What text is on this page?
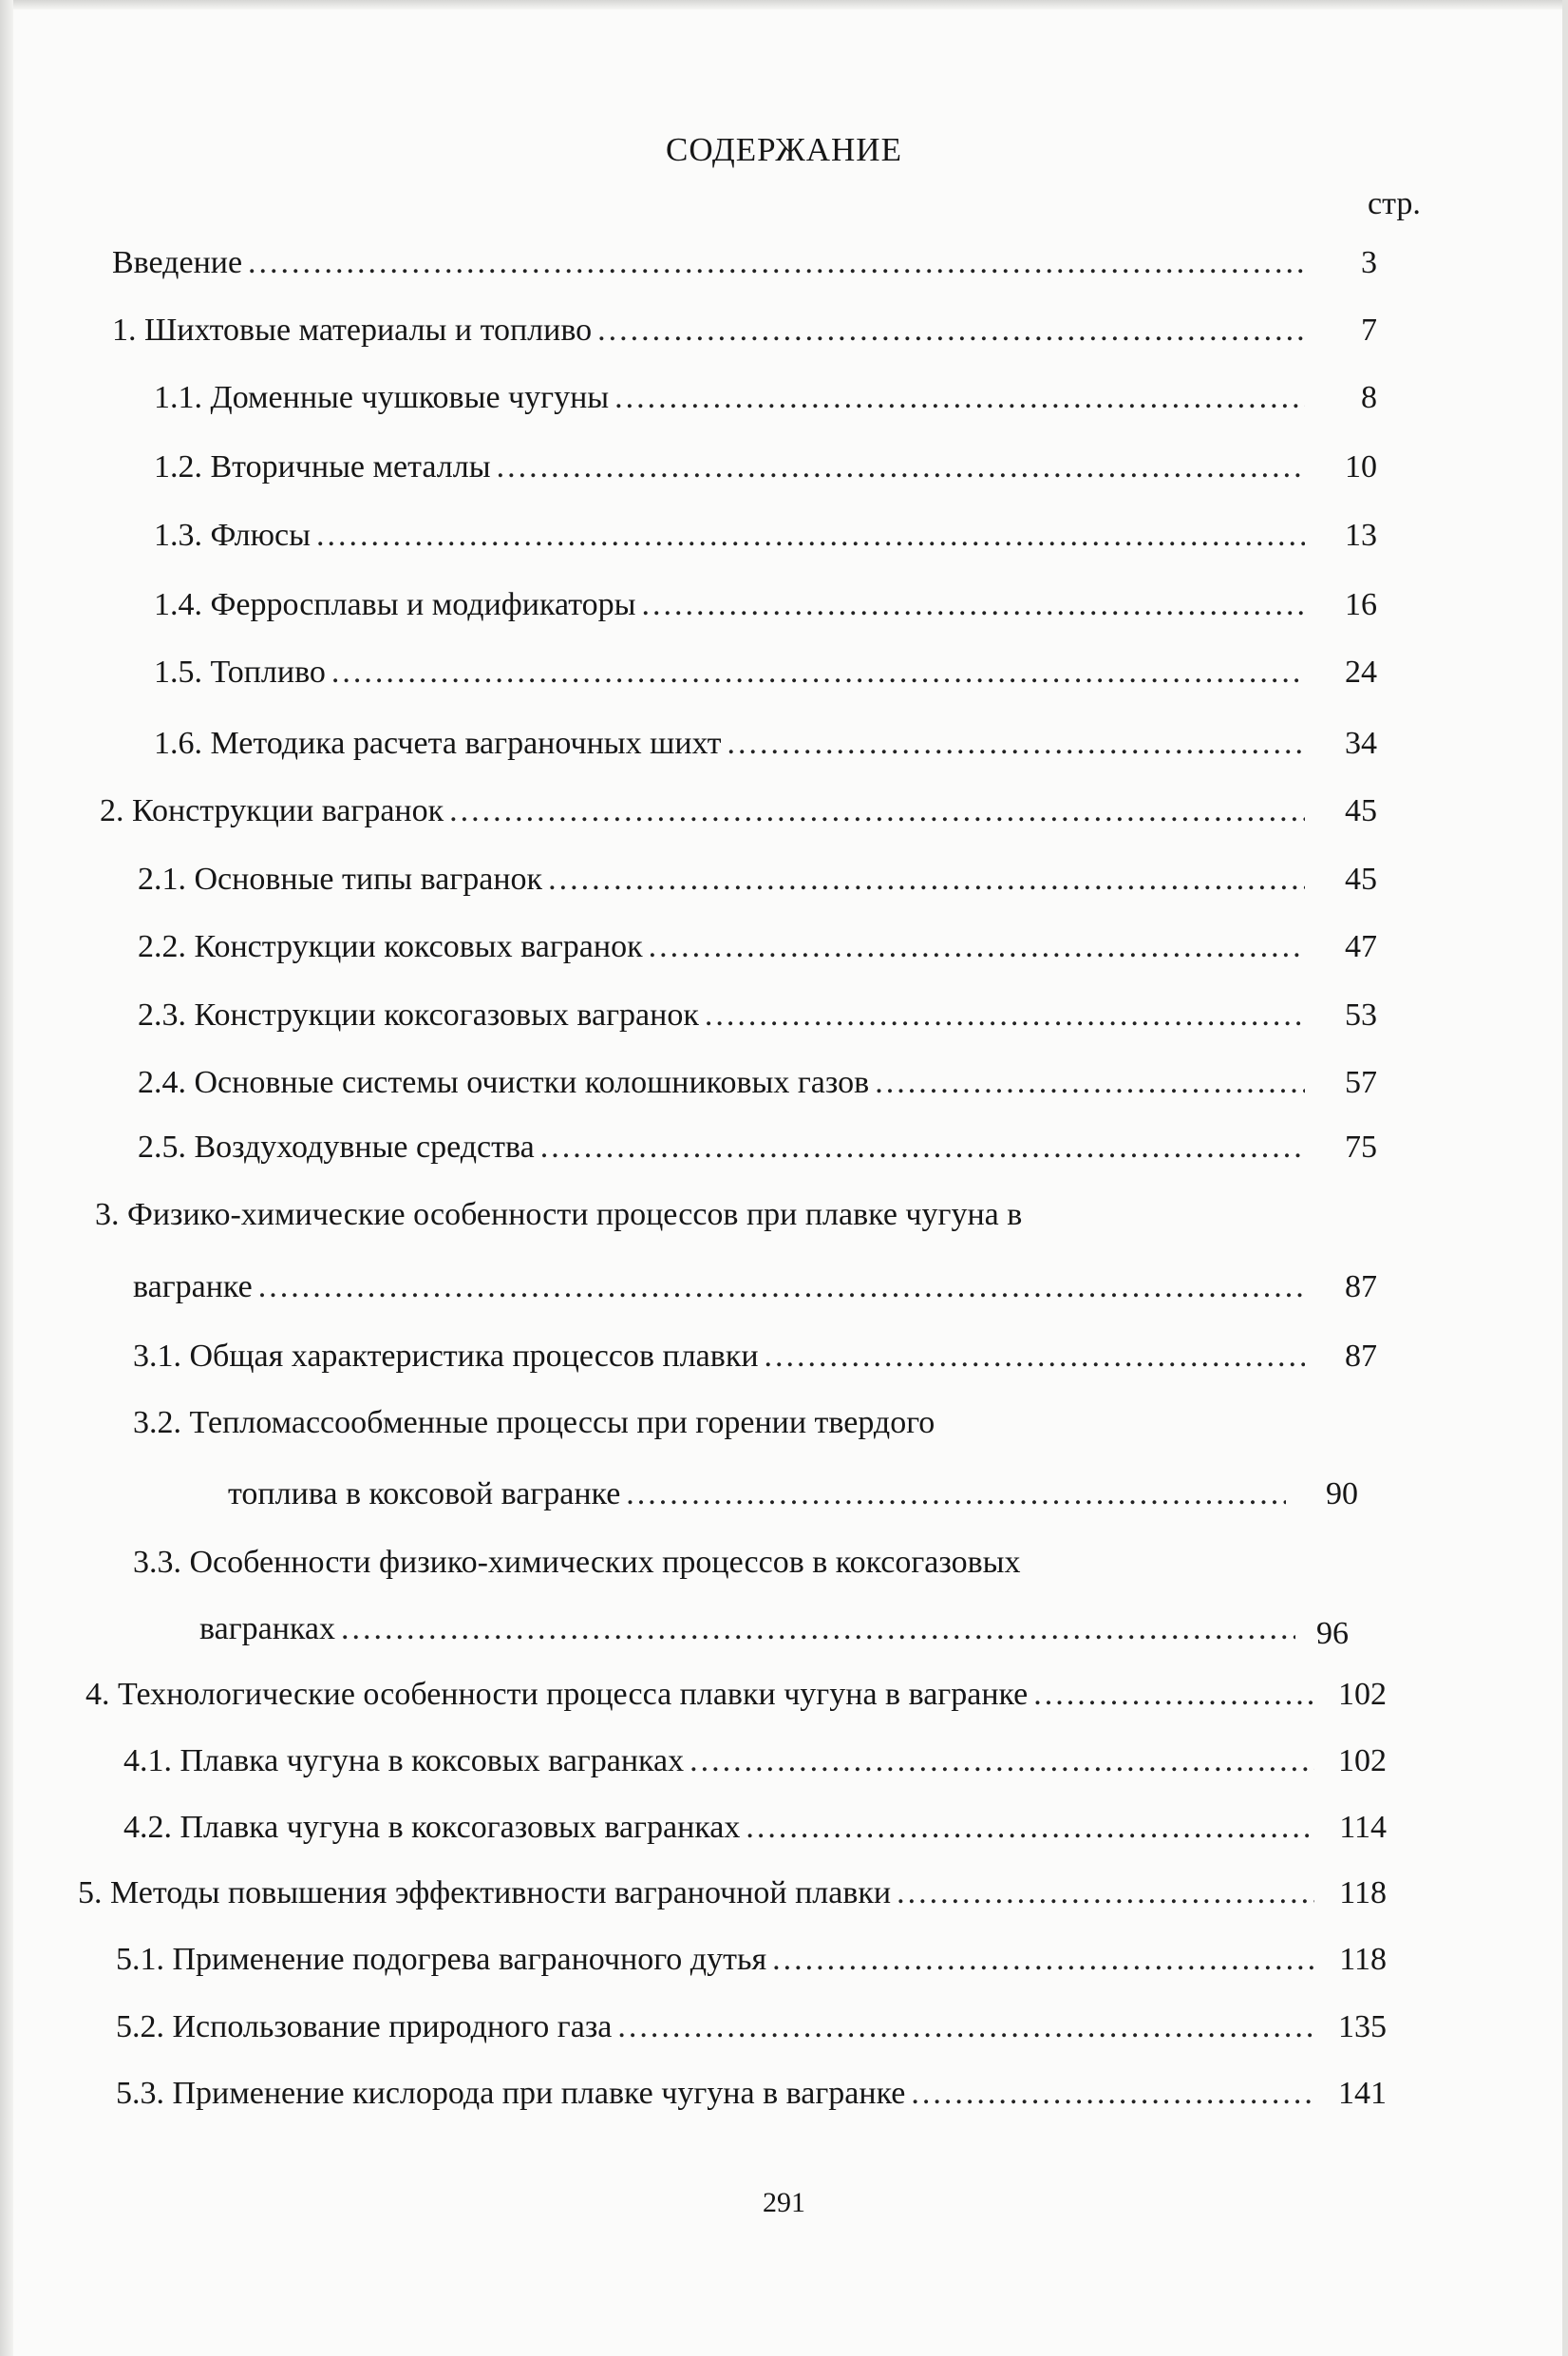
СОДЕРЖАНИЕ
стр.
Введение .....	3
1. Шихтовые материалы и топливо .....	7
1.1. Доменные чушковые чугуны .....	8
1.2. Вторичные металлы .....	10
1.3. Флюсы .....	13
1.4. Ферросплавы и модификаторы .....	16
1.5. Топливо .....	24
1.6. Методика расчета ваграночных шихт .....	34
2. Конструкции вагранок .....	45
2.1. Основные типы вагранок .....	45
2.2. Конструкции коксовых вагранок .....	47
2.3. Конструкции коксогазовых вагранок .....	53
2.4. Основные системы очистки колошниковых газов .....	57
2.5. Воздуходувные средства .....	75
3. Физико-химические особенности процессов при плавке чугуна в
вагранке .....	87
3.1. Общая характеристика процессов плавки .....	87
3.2. Тепломассообменные процессы при горении твердого
топлива в коксовой вагранке .....	90
3.3. Особенности физико-химических процессов в коксогазовых
вагранках .....	96
4. Технологические особенности процесса плавки чугуна в вагранке .....	102
4.1. Плавка чугуна в коксовых вагранках .....	102
4.2. Плавка чугуна в коксогазовых вагранках .....	114
5. Методы повышения эффективности ваграночной плавки .....	118
5.1. Применение подогрева ваграночного дутья .....	118
5.2. Использование природного газа .....	135
5.3. Применение кислорода при плавке чугуна в вагранке .....	141
291
